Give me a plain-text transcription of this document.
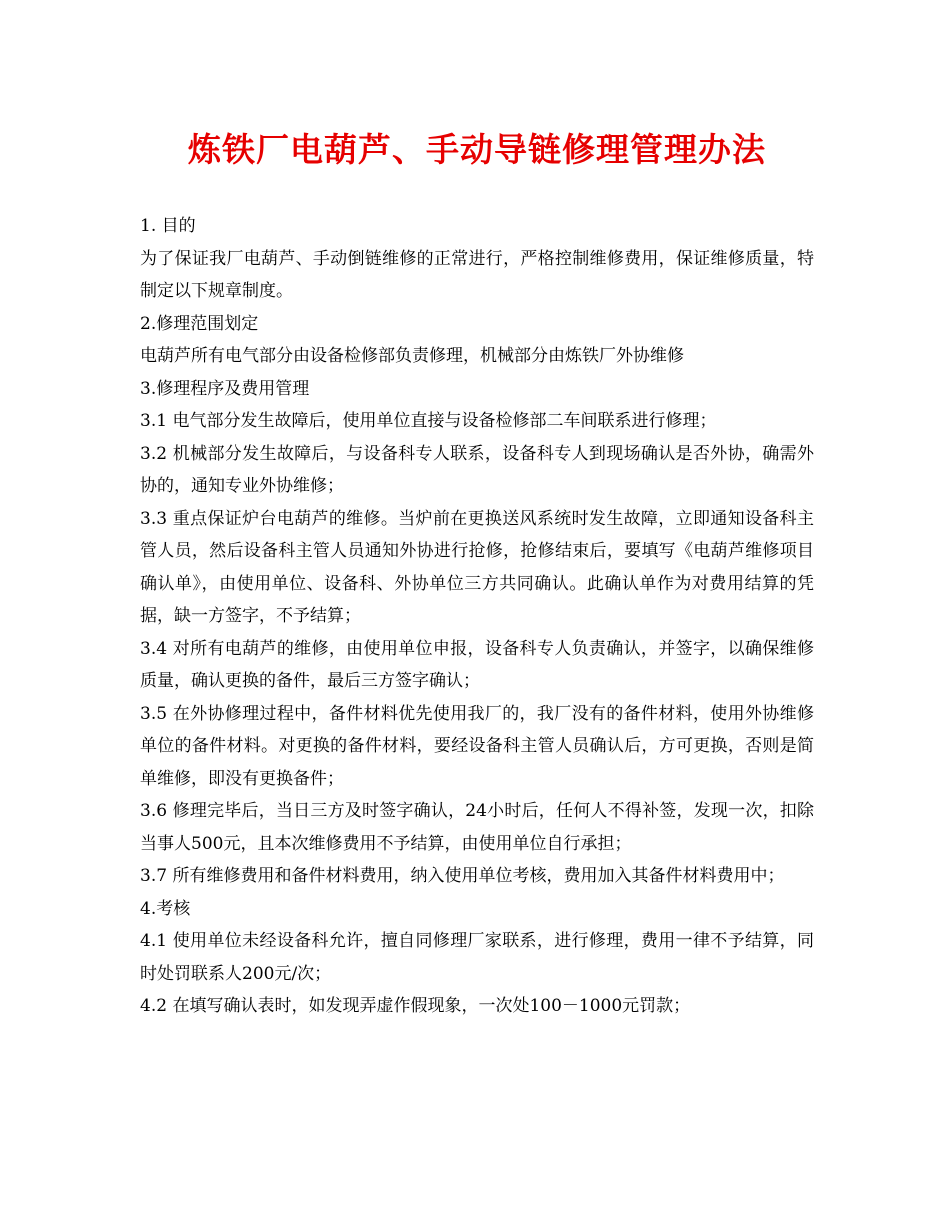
炼铁厂电葫芦、手动导链修理管理办法

1. 目的

为了保证我厂电葫芦、手动倒链维修的正常进行，严格控制维修费用，保证维修质量，特制定以下规章制度。

2.修理范围划定

电葫芦所有电气部分由设备检修部负责修理，机械部分由炼铁厂外协维修

3.修理程序及费用管理

3.1 电气部分发生故障后，使用单位直接与设备检修部二车间联系进行修理；

3.2 机械部分发生故障后，与设备科专人联系，设备科专人到现场确认是否外协，确需外协的，通知专业外协维修；

3.3 重点保证炉台电葫芦的维修。当炉前在更换送风系统时发生故障，立即通知设备科主管人员，然后设备科主管人员通知外协进行抢修，抢修结束后，要填写《电葫芦维修项目确认单》，由使用单位、设备科、外协单位三方共同确认。此确认单作为对费用结算的凭据，缺一方签字，不予结算；

3.4 对所有电葫芦的维修，由使用单位申报，设备科专人负责确认，并签字，以确保维修质量，确认更换的备件，最后三方签字确认；

3.5 在外协修理过程中，备件材料优先使用我厂的，我厂没有的备件材料，使用外协维修单位的备件材料。对更换的备件材料，要经设备科主管人员确认后，方可更换，否则是简单维修，即没有更换备件；

3.6 修理完毕后，当日三方及时签字确认，24小时后，任何人不得补签，发现一次，扣除当事人500元，且本次维修费用不予结算，由使用单位自行承担；

3.7 所有维修费用和备件材料费用，纳入使用单位考核，费用加入其备件材料费用中；

4.考核

4.1 使用单位未经设备科允许，擅自同修理厂家联系，进行修理，费用一律不予结算，同时处罚联系人200元/次；

4.2 在填写确认表时，如发现弄虚作假现象，一次处100－1000元罚款；
